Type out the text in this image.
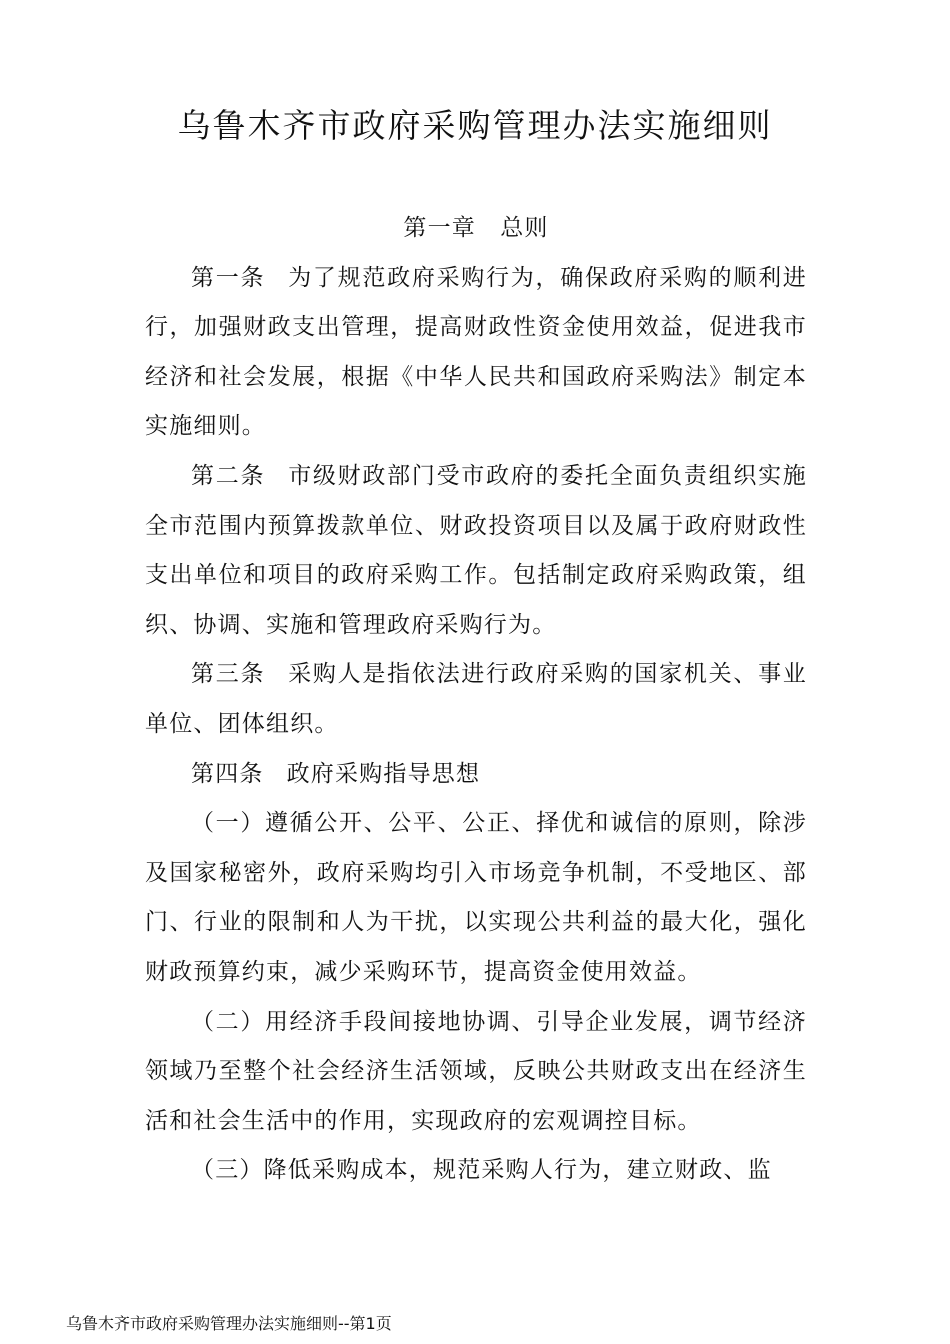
乌鲁木齐市政府采购管理办法实施细则

第一章　总则

第一条 为了规范政府采购行为，确保政府采购的顺利进行，加强财政支出管理，提高财政性资金使用效益，促进我市经济和社会发展，根据《中华人民共和国政府采购法》制定本实施细则。

第二条 市级财政部门受市政府的委托全面负责组织实施全市范围内预算拨款单位、财政投资项目以及属于政府财政性支出单位和项目的政府采购工作。包括制定政府采购政策，组织、协调、实施和管理政府采购行为。

第三条 采购人是指依法进行政府采购的国家机关、事业单位、团体组织。

第四条 政府采购指导思想

（一）遵循公开、公平、公正、择优和诚信的原则，除涉及国家秘密外，政府采购均引入市场竞争机制，不受地区、部门、行业的限制和人为干扰，以实现公共利益的最大化，强化财政预算约束，减少采购环节，提高资金使用效益。

（二）用经济手段间接地协调、引导企业发展，调节经济领域乃至整个社会经济生活领域，反映公共财政支出在经济生活和社会生活中的作用，实现政府的宏观调控目标。

（三）降低采购成本，规范采购人行为，建立财政、监

乌鲁木齐市政府采购管理办法实施细则--第1页
